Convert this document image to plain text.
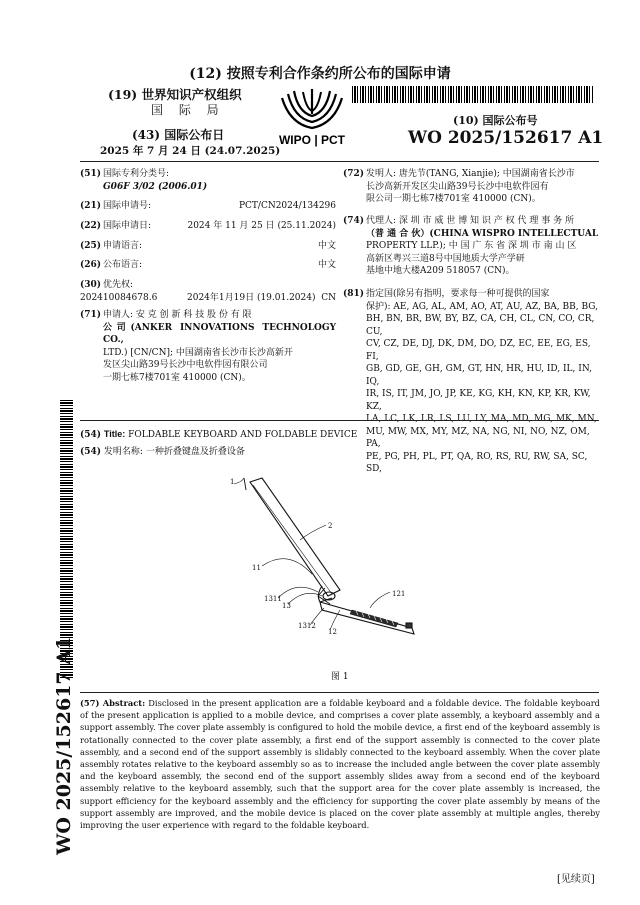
(12) 按照专利合作条约所公布的国际申请
(19) 世界知识产权组织
国 际 局
(43) 国际公布日
2025 年 7 月 24 日 (24.07.2025)
WIPO | PCT
(10) 国际公布号
WO 2025/152617 A1
(51) 国际专利分类号:
G06F 3/02 (2006.01)
(21) 国际申请号:	PCT/CN2024/134296
(22) 国际申请日:	2024 年 11 月 25 日 (25.11.2024)
(25) 申请语言:	中文
(26) 公布语言:	中文
(30) 优先权:
202410084678.6	2024年1月19日 (19.01.2024) CN
(71) 申请人: 安 克 创 新 科 技 股 份 有 限
公司(ANKER INNOVATIONS TECHNOLOGY CO.,
LTD.) [CN/CN]; 中国湖南省长沙市长沙高新开
发区尖山路39号长沙中电软件园有限公司
一期七栋7楼701室 410000 (CN)。
(72) 发明人: 唐先节(TANG, Xianjie); 中国湖南省长沙市
长沙高新开发区尖山路39号长沙中电软件园有
限公司一期七栋7楼701室 410000 (CN)。
(74) 代理人: 深 圳 市 威 世 博 知 识 产 权 代 理 事 务 所
（普 通 合 伙）(CHINA WISPRO INTELLECTUAL
PROPERTY LLP.); 中 国 广 东 省 深 圳 市 南 山 区
高新区粤兴三道8号中国地质大学产学研
基地中地大楼A209 518057 (CN)。
(81) 指定国(除另有指明，要求每一种可提供的国家
保护): AE, AG, AL, AM, AO, AT, AU, AZ, BA, BB, BG,
BH, BN, BR, BW, BY, BZ, CA, CH, CL, CN, CO, CR, CU,
CV, CZ, DE, DJ, DK, DM, DO, DZ, EC, EE, EG, ES, FI,
GB, GD, GE, GH, GM, GT, HN, HR, HU, ID, IL, IN, IQ,
IR, IS, IT, JM, JO, JP, KE, KG, KH, KN, KP, KR, KW, KZ,
LA, LC, LK, LR, LS, LU, LY, MA, MD, MG, MK, MN,
MU, MW, MX, MY, MZ, NA, NG, NI, NO, NZ, OM, PA,
PE, PG, PH, PL, PT, QA, RO, RS, RU, RW, SA, SC, SD,
WO 2025/152617 A1
(54) Title: FOLDABLE KEYBOARD AND FOLDABLE DEVICE
(54) 发明名称: 一种折叠键盘及折叠设备
1
2
11
1311
13
121
1312
12
图 1
(57) Abstract: Disclosed in the present application are a foldable keyboard and a foldable device. The foldable keyboard of the present application is applied to a mobile device, and comprises a cover plate assembly, a keyboard assembly and a support assembly. The cover plate assembly is configured to hold the mobile device, a first end of the keyboard assembly is rotationally connected to the cover plate assembly, a first end of the support assembly is connected to the cover plate assembly, and a second end of the support assembly is slidably connected to the keyboard assembly. When the cover plate assembly rotates relative to the keyboard assembly so as to increase the included angle between the cover plate assembly and the keyboard assembly, the second end of the support assembly slides away from a second end of the keyboard assembly relative to the keyboard assembly, such that the support area for the cover plate assembly is increased, the support efficiency for the keyboard assembly and the efficiency for supporting the cover plate assembly by means of the support assembly are improved, and the mobile device is placed on the cover plate assembly at multiple angles, thereby improving the user experience with regard to the foldable keyboard.
[见续页]
